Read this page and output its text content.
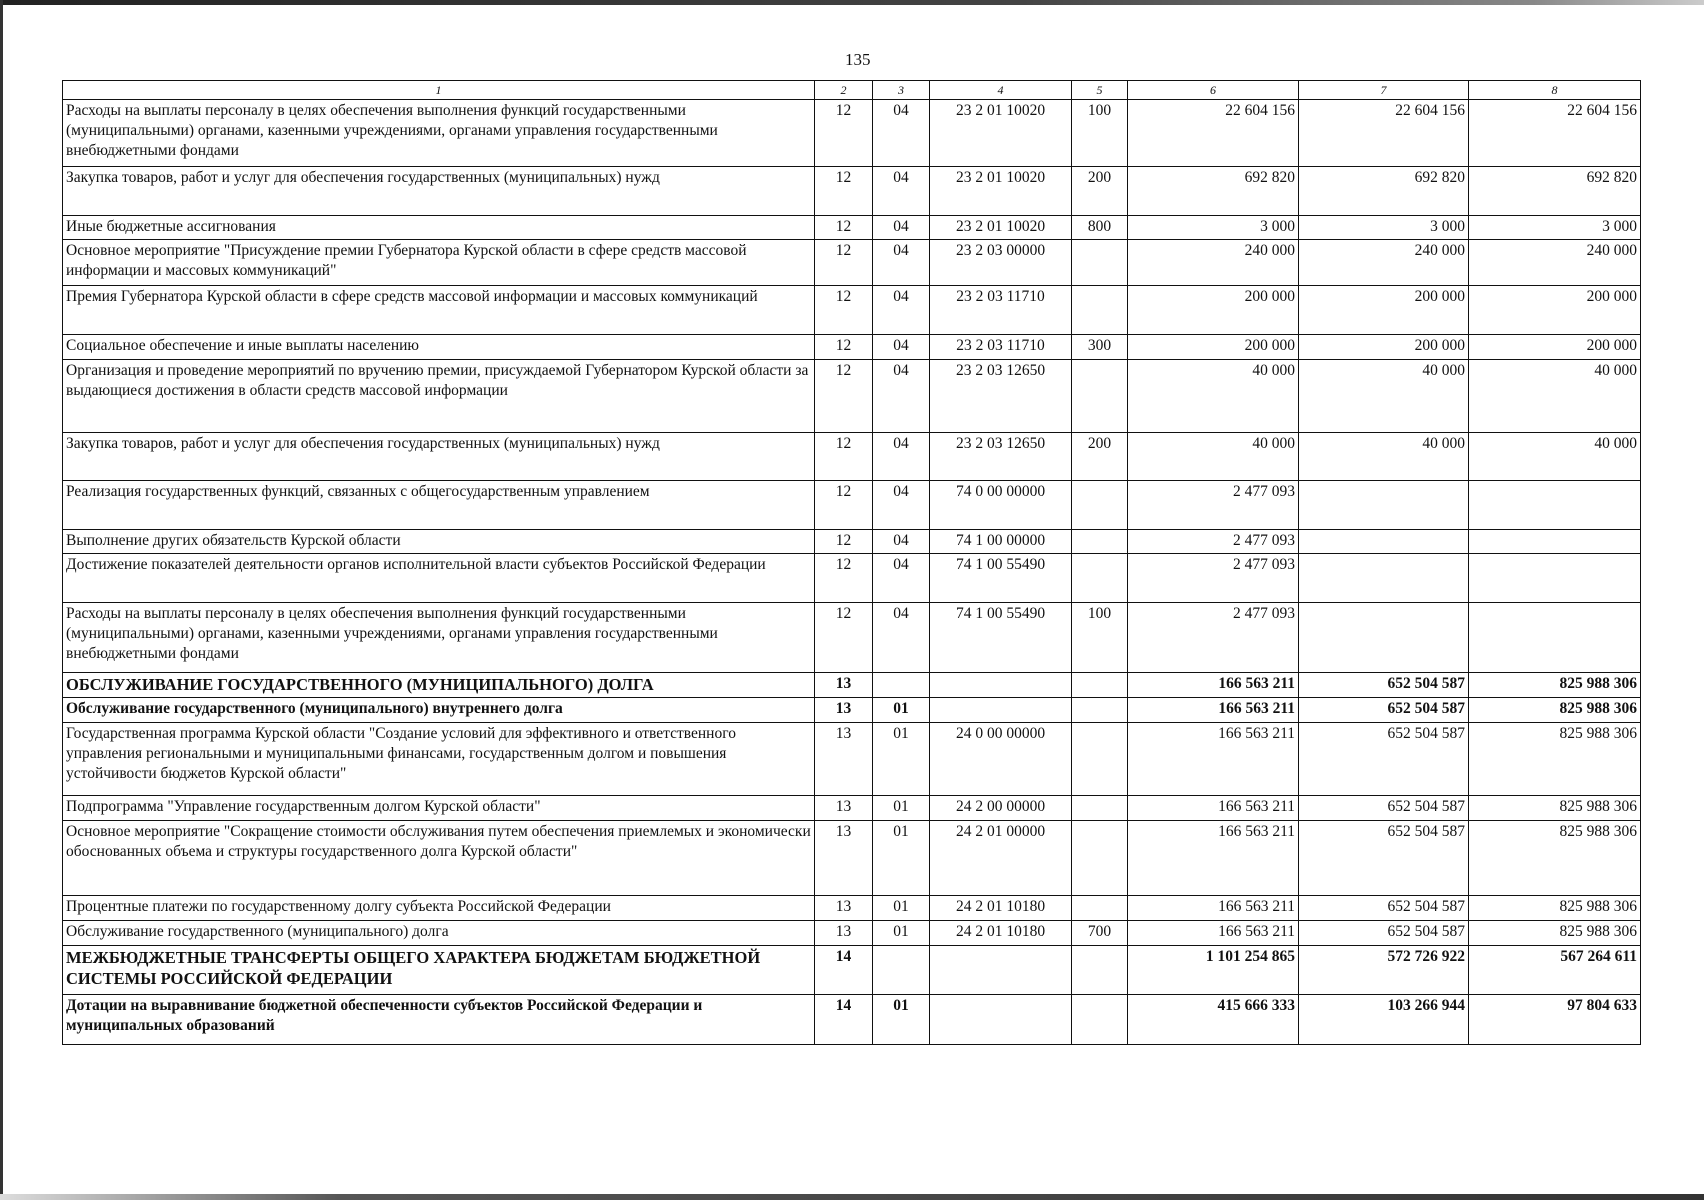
135
1	2	3	4	5	6	7	8
Расходы на выплаты персоналу в целях обеспечения выполнения функций государственными (муниципальными) органами, казенными учреждениями, органами управления государственными внебюджетными фондами	12	04	23 2 01 10020	100	22 604 156	22 604 156	22 604 156
Закупка товаров, работ и услуг для обеспечения государственных (муниципальных) нужд	12	04	23 2 01 10020	200	692 820	692 820	692 820
Иные бюджетные ассигнования	12	04	23 2 01 10020	800	3 000	3 000	3 000
Основное мероприятие "Присуждение премии Губернатора Курской области в сфере средств массовой информации и массовых коммуникаций"	12	04	23 2 03 00000		240 000	240 000	240 000
Премия Губернатора Курской области в сфере средств массовой информации и массовых коммуникаций	12	04	23 2 03 11710		200 000	200 000	200 000
Социальное обеспечение и иные выплаты населению	12	04	23 2 03 11710	300	200 000	200 000	200 000
Организация и проведение мероприятий по вручению премии, присуждаемой Губернатором Курской области за выдающиеся достижения в области средств массовой информации	12	04	23 2 03 12650		40 000	40 000	40 000
Закупка товаров, работ и услуг для обеспечения государственных (муниципальных) нужд	12	04	23 2 03 12650	200	40 000	40 000	40 000
Реализация государственных функций, связанных с общегосударственным управлением	12	04	74 0 00 00000		2 477 093		
Выполнение других обязательств Курской области	12	04	74 1 00 00000		2 477 093		
Достижение показателей деятельности органов исполнительной власти субъектов Российской Федерации	12	04	74 1 00 55490		2 477 093		
Расходы на выплаты персоналу в целях обеспечения выполнения функций государственными (муниципальными) органами, казенными учреждениями, органами управления государственными внебюджетными фондами	12	04	74 1 00 55490	100	2 477 093		
ОБСЛУЖИВАНИЕ ГОСУДАРСТВЕННОГО (МУНИЦИПАЛЬНОГО) ДОЛГА	13				166 563 211	652 504 587	825 988 306
Обслуживание государственного (муниципального) внутреннего долга	13	01			166 563 211	652 504 587	825 988 306
Государственная программа Курской области "Создание условий для эффективного и ответственного управления региональными и муниципальными финансами, государственным долгом и повышения устойчивости бюджетов Курской области"	13	01	24 0 00 00000		166 563 211	652 504 587	825 988 306
Подпрограмма "Управление государственным долгом Курской области"	13	01	24 2 00 00000		166 563 211	652 504 587	825 988 306
Основное мероприятие "Сокращение стоимости обслуживания путем обеспечения приемлемых и экономически обоснованных объема и структуры государственного долга Курской области"	13	01	24 2 01 00000		166 563 211	652 504 587	825 988 306
Процентные платежи по государственному долгу субъекта Российской Федерации	13	01	24 2 01 10180		166 563 211	652 504 587	825 988 306
Обслуживание государственного (муниципального) долга	13	01	24 2 01 10180	700	166 563 211	652 504 587	825 988 306
МЕЖБЮДЖЕТНЫЕ ТРАНСФЕРТЫ ОБЩЕГО ХАРАКТЕРА БЮДЖЕТАМ БЮДЖЕТНОЙ СИСТЕМЫ РОССИЙСКОЙ ФЕДЕРАЦИИ	14				1 101 254 865	572 726 922	567 264 611
Дотации на выравнивание бюджетной обеспеченности субъектов Российской Федерации и муниципальных образований	14	01			415 666 333	103 266 944	97 804 633
